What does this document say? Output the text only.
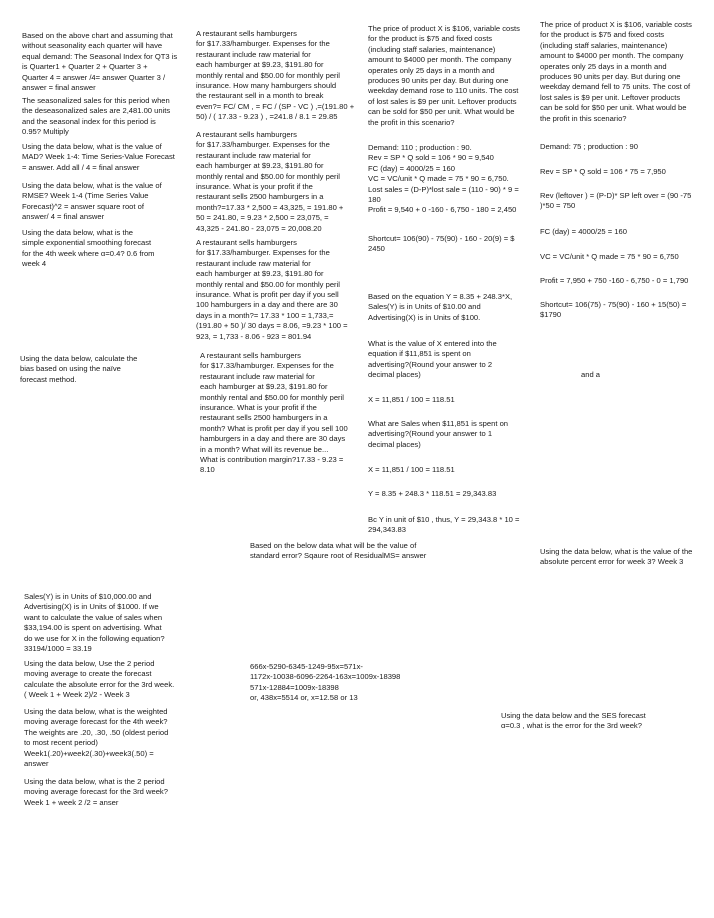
Based on the above chart and assuming that
without seasonality each quarter will have
equal demand: The Seasonal Index for QT3 is
is Quarter1 + Quarter 2 + Quarter 3 +
Quarter 4 = answer /4= answer Quarter 3 /
answer = final answer

The seasonalized sales for this period when
the deseasonalized sales are 2,481.00 units
and the seasonal index for this period is
0.95? Multiply

Using the data below, what is the value of
MAD? Week 1-4: Time Series-Value Forecast
= answer. Add all / 4 = final answer

Using the data below, what is the value of
RMSE? Week 1-4 (Time Series Value
Forecast)^2 = answer square root of
answer/ 4 = final answer

Using the data below, what is the
simple exponential smoothing forecast
for the 4th week where α=0.4? 0.6 from
week 4

Using the data below, calculate the
bias based on using the naïve
forecast method.

Sales(Y) is in Units of $10,000.00 and
Advertising(X) is in Units of $1000. If we
want to calculate the value of sales when
$33,194.00 is spent on advertising. What
do we use for X in the following equation?
33194/1000 = 33.19

Using the data below, Use the 2 period
moving average to create the forecast
calculate the absolute error for the 3rd week.
( Week 1 + Week 2)/2 - Week 3

Using the data below, what is the weighted
moving average forecast for the 4th week?
The weights are .20, .30, .50 (oldest period
to most recent period)
Week1(.20)+week2(.30)+week3(.50) =
answer

Using the data below, what is the 2 period
moving average forecast for the 3rd week?
Week 1 + week 2 /2 = anser

A restaurant sells hamburgers
for $17.33/hamburger. Expenses for the
restaurant include raw material for
each hamburger at $9.23, $191.80 for
monthly rental and $50.00 for monthly peril
insurance. How many hamburgers should
the restaurant sell in a month to break
even?= FC/ CM , = FC / (SP - VC ) ,=(191.80 +
50) / ( 17.33 - 9.23 ) , =241.8 / 8.1 = 29.85

A restaurant sells hamburgers
for $17.33/hamburger. Expenses for the
restaurant include raw material for
each hamburger at $9.23, $191.80 for
monthly rental and $50.00 for monthly peril
insurance. What is your profit if the
restaurant sells 2500 hamburgers in a
month?=17.33 * 2,500 = 43,325, = 191.80 +
50 = 241.80, = 9.23 * 2,500 = 23,075, =
43,325 - 241.80 - 23,075 = 20,008.20

A restaurant sells hamburgers
for $17.33/hamburger. Expenses for the
restaurant include raw material for
each hamburger at $9.23, $191.80 for
monthly rental and $50.00 for monthly peril
insurance. What is profit per day if you sell
100 hamburgers in a day and there are 30
days in a month?= 17.33 * 100 = 1,733,=
(191.80 + 50 )/ 30 days = 8.06, =9.23 * 100 =
923, = 1,733 - 8.06 - 923 = 801.94

A restaurant sells hamburgers
for $17.33/hamburger. Expenses for the
restaurant include raw material for
each hamburger at $9.23, $191.80 for
monthly rental and $50.00 for monthly peril
insurance. What is your profit if the
restaurant sells 2500 hamburgers in a
month? What is profit per day if you sell 100
hamburgers in a day and there are 30 days
in a month? What will its revenue be...
What is contribution margin?17.33 - 9.23 =
8.10

Based on the below data what will be the value of
standard error? Sqaure root of ResidualMS= answer

666x-5290-6345-1249-95x=571x-
1172x-10038-6096-2264-163x=1009x-18398
571x-12884=1009x-18398
or, 438x=5514 or, x=12.58 or 13

The price of product X is $106, variable costs
for the product is $75 and fixed costs
(including staff salaries, maintenance)
amount to $4000 per month. The company
operates only 25 days in a month and
produces 90 units per day. But during one
weekday demand rose to 110 units. The cost
of lost sales is $9 per unit. Leftover products
can be sold for $50 per unit. What would be
the profit in this scenario?

Demand: 110 ; production : 90.
Rev = SP * Q sold = 106 * 90 = 9,540
FC (day) = 4000/25 = 160
VC = VC/unit * Q made = 75 * 90 = 6,750.
Lost sales = (D-P)*lost sale = (110 - 90) * 9 =
180
Profit = 9,540 + 0 -160 - 6,750 - 180 = 2,450

Shortcut= 106(90) - 75(90) - 160 - 20(9) = $
2450

Based on the equation Y = 8.35 + 248.3*X,
Sales(Y) is in Units of $10.00 and
Advertising(X) is in Units of $100.

What is the value of X entered into the
equation if $11,851 is spent on
advertising?(Round your answer to 2
decimal places)

X = 11,851 / 100 = 118.51

What are Sales when $11,851 is spent on
advertising?(Round your answer to 1
decimal places)

X = 11,851 / 100 = 118.51

Y = 8.35 + 248.3 * 118.51 = 29,343.83

Bc Y in unit of $10 , thus, Y = 29,343.8 * 10 =
294,343.83

The price of product X is $106, variable costs
for the product is $75 and fixed costs
(including staff salaries, maintenance)
amount to $4000 per month. The company
operates only 25 days in a month and
produces 90 units per day. But during one
weekday demand fell to 75 units. The cost of
lost sales is $9 per unit. Leftover products
can be sold for $50 per unit. What would be
the profit in this scenario?

Demand: 75 ; production : 90

Rev = SP * Q sold = 106 * 75 = 7,950

Rev (leftover ) = (P-D)* SP left over = (90 -75
)*50 = 750

FC (day) = 4000/25 = 160

VC = VC/unit * Q made = 75 * 90 = 6,750

Profit = 7,950 + 750 -160 - 6,750 - 0 = 1,790

Shortcut= 106(75) - 75(90) - 160 + 15(50) =
$1790

and a

Using the data below, what is the value of the
absolute percent error for week 3? Week 3

Using the data below and the SES forecast
α=0.3 , what is the error for the 3rd week?
